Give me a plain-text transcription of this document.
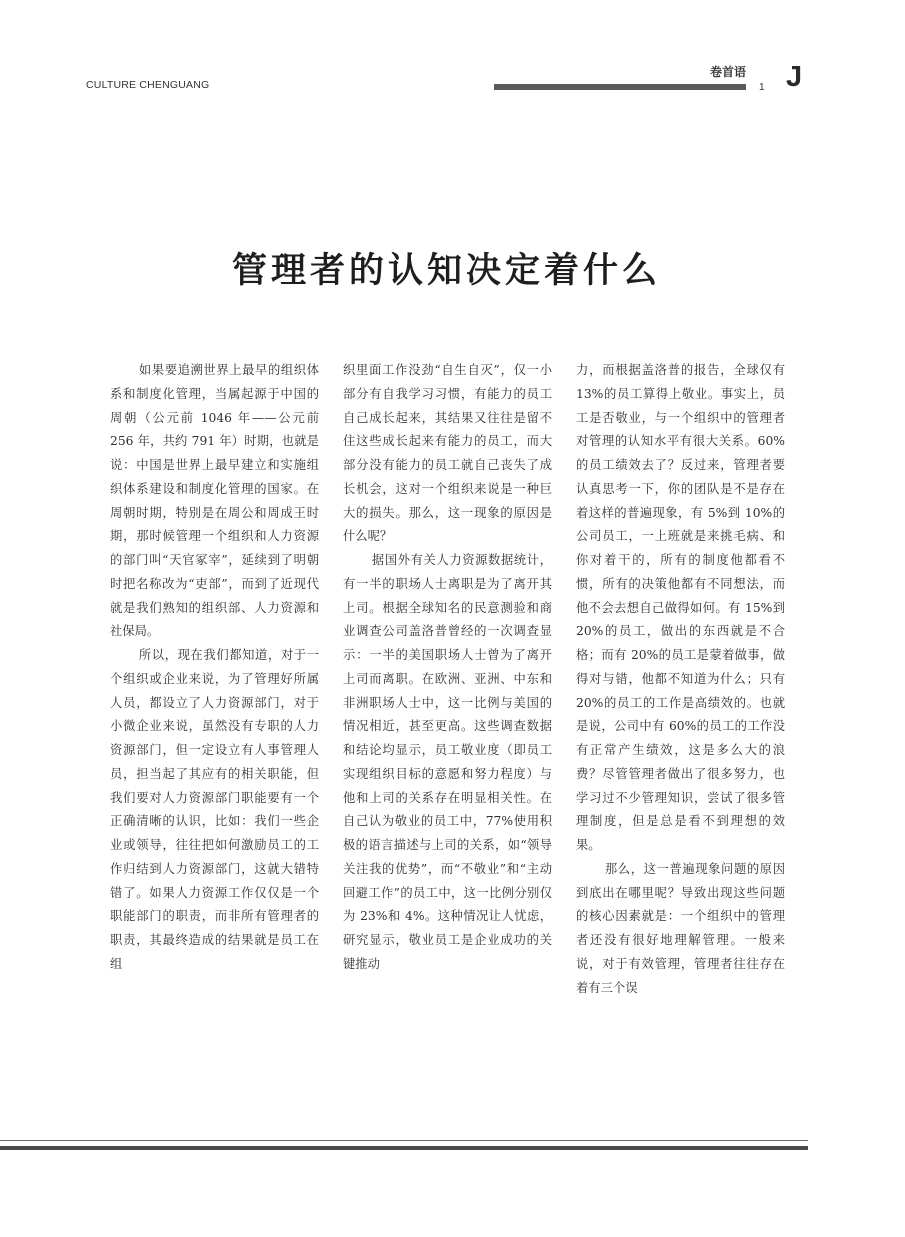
CULTURE CHENGUANG
卷首语
1 J
管理者的认知决定着什么

如果要追溯世界上最早的组织体系和制度化管理，当属起源于中国的周朝（公元前 1046 年——公元前 256 年，共约 791 年）时期，也就是说：中国是世界上最早建立和实施组织体系建设和制度化管理的国家。在周朝时期，特别是在周公和周成王时期，那时候管理一个组织和人力资源的部门叫“天官冢宰”，延续到了明朝时把名称改为“吏部”，而到了近现代就是我们熟知的组织部、人力资源和社保局。

所以，现在我们都知道，对于一个组织或企业来说，为了管理好所属人员，都设立了人力资源部门，对于小微企业来说，虽然没有专职的人力资源部门，但一定设立有人事管理人员，担当起了其应有的相关职能，但我们要对人力资源部门职能要有一个正确清晰的认识，比如：我们一些企业或领导，往往把如何激励员工的工作归结到人力资源部门，这就大错特错了。如果人力资源工作仅仅是一个职能部门的职责，而非所有管理者的职责，其最终造成的结果就是员工在组

织里面工作没劲“自生自灭”，仅一小部分有自我学习习惯，有能力的员工自己成长起来，其结果又往往是留不住这些成长起来有能力的员工，而大部分没有能力的员工就自己丧失了成长机会，这对一个组织来说是一种巨大的损失。那么，这一现象的原因是什么呢？

据国外有关人力资源数据统计，有一半的职场人士离职是为了离开其上司。根据全球知名的民意测验和商业调查公司盖洛普曾经的一次调查显示：一半的美国职场人士曾为了离开上司而离职。在欧洲、亚洲、中东和非洲职场人士中，这一比例与美国的情况相近，甚至更高。这些调查数据和结论均显示，员工敬业度（即员工实现组织目标的意愿和努力程度）与他和上司的关系存在明显相关性。在自己认为敬业的员工中，77%使用积极的语言描述与上司的关系，如“领导关注我的优势”，而“不敬业”和“主动回避工作”的员工中，这一比例分别仅为 23%和 4%。这种情况让人忧虑，研究显示，敬业员工是企业成功的关键推动

力，而根据盖洛普的报告，全球仅有 13%的员工算得上敬业。事实上，员工是否敬业，与一个组织中的管理者对管理的认知水平有很大关系。60%的员工绩效去了？反过来，管理者要认真思考一下，你的团队是不是存在着这样的普遍现象，有 5%到 10%的公司员工，一上班就是来挑毛病、和你对着干的，所有的制度他都看不惯，所有的决策他都有不同想法，而他不会去想自己做得如何。有 15%到 20%的员工，做出的东西就是不合格；而有 20%的员工是蒙着做事，做得对与错，他都不知道为什么；只有 20%的员工的工作是高绩效的。也就是说，公司中有 60%的员工的工作没有正常产生绩效，这是多么大的浪费？尽管管理者做出了很多努力，也学习过不少管理知识，尝试了很多管理制度，但是总是看不到理想的效果。

那么，这一普遍现象问题的原因到底出在哪里呢？导致出现这些问题的核心因素就是：一个组织中的管理者还没有很好地理解管理。一般来说，对于有效管理，管理者往往存在着有三个误
